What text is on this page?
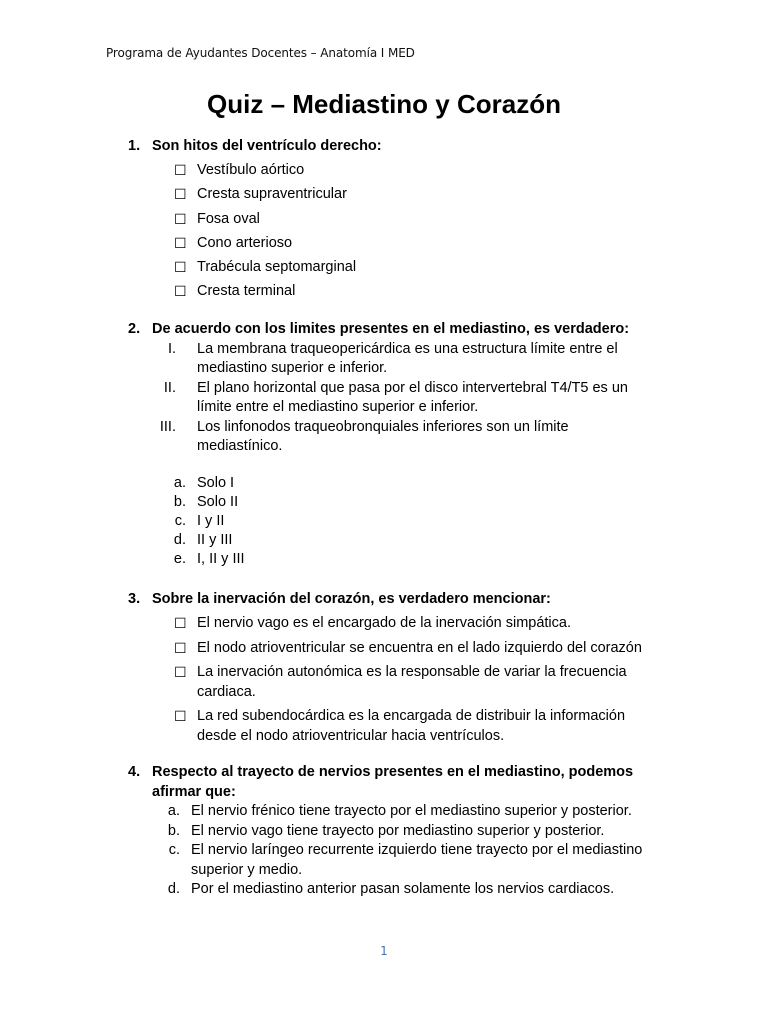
Programa de Ayudantes Docentes – Anatomía I MED
Quiz – Mediastino y Corazón
1. Son hitos del ventrículo derecho:
☐ Vestíbulo aórtico
☐ Cresta supraventricular
☐ Fosa oval
☐ Cono arterioso
☐ Trabécula septomarginal
☐ Cresta terminal
2. De acuerdo con los limites presentes en el mediastino, es verdadero:
I. La membrana traqueopericárdica es una estructura límite entre el mediastino superior e inferior.
II. El plano horizontal que pasa por el disco intervertebral T4/T5 es un límite entre el mediastino superior e inferior.
III. Los linfonodos traqueobronquiales inferiores son un límite mediastínico.
a. Solo I
b. Solo II
c. I y II
d. II y III
e. I, II y III
3. Sobre la inervación del corazón, es verdadero mencionar:
☐ El nervio vago es el encargado de la inervación simpática.
☐ El nodo atrioventricular se encuentra en el lado izquierdo del corazón
☐ La inervación autonómica es la responsable de variar la frecuencia cardiaca.
☐ La red subendocárdica es la encargada de distribuir la información desde el nodo atrioventricular hacia ventrículos.
4. Respecto al trayecto de nervios presentes en el mediastino, podemos afirmar que:
a. El nervio frénico tiene trayecto por el mediastino superior y posterior.
b. El nervio vago tiene trayecto por mediastino superior y posterior.
c. El nervio laríngeo recurrente izquierdo tiene trayecto por el mediastino superior y medio.
d. Por el mediastino anterior pasan solamente los nervios cardiacos.
1
